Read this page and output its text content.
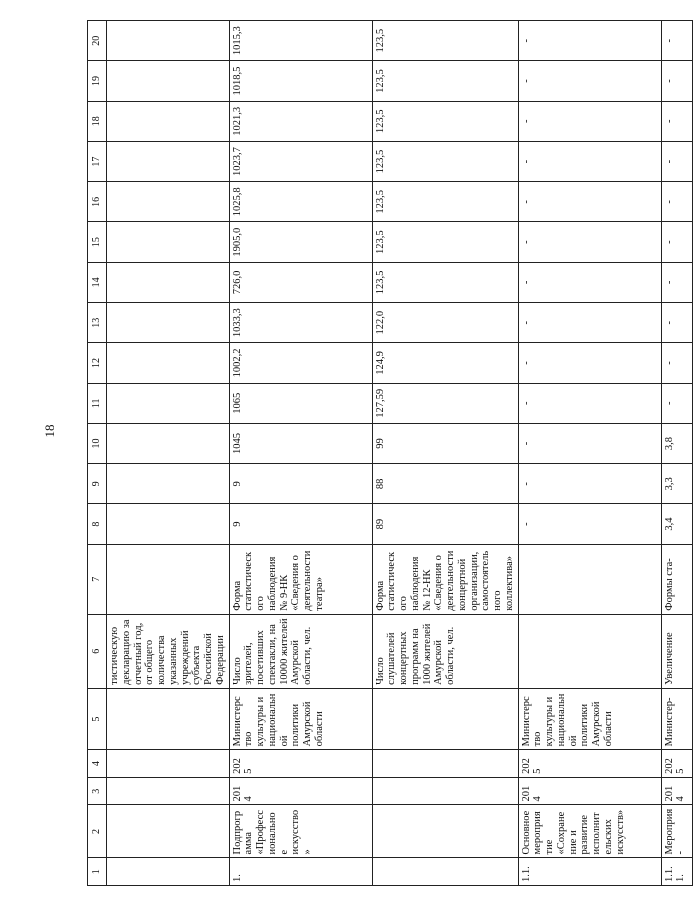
18
1	2	3	4	5	6	7	8	9	10	11	12	13	14	15	16	17	18	19	20
					тистическую декларацию за отчетный год, от общего количества указанных учреждений субъекта Российской Федерации														
1.	Подпрограмма «Профессиональное искусство»	2014	2025	Министерство культуры и национальной политики Амурской области	Число зрителей, посетивших спектакли, на 10000 жителей Амурской области, чел.	Форма статистического наблюдения № 9-НК «Сведения о деятельности театра»	9	9	1045	1065	1002,2	1033,3	726,0	1905,0	1025,8	1023,7	1021,3	1018,5	1015,3
					Число слушателей концертных программ на 1000 жителей Амурской области, чел.	Форма статистического наблюдения № 12-НК «Сведения о деятельности концертной организации, самостоятельного коллектива»	89	88	99	127,59	124,9	122,0	123,5	123,5	123,5	123,5	123,5	123,5	123,5
1.1.	Основное мероприятие «Сохранение и развитие исполнительских искусств»	2014	2025	Министерство культуры и национальной политики Амурской области			-	-	-	-	-	-	-	-	-	-	-	-	-
1.1.1.	Мероприя-	2014	2025	Министер-	Увеличение	Формы ста-	3,4	3,3	3,8	-	-	-	-	-	-	-	-	-	-
